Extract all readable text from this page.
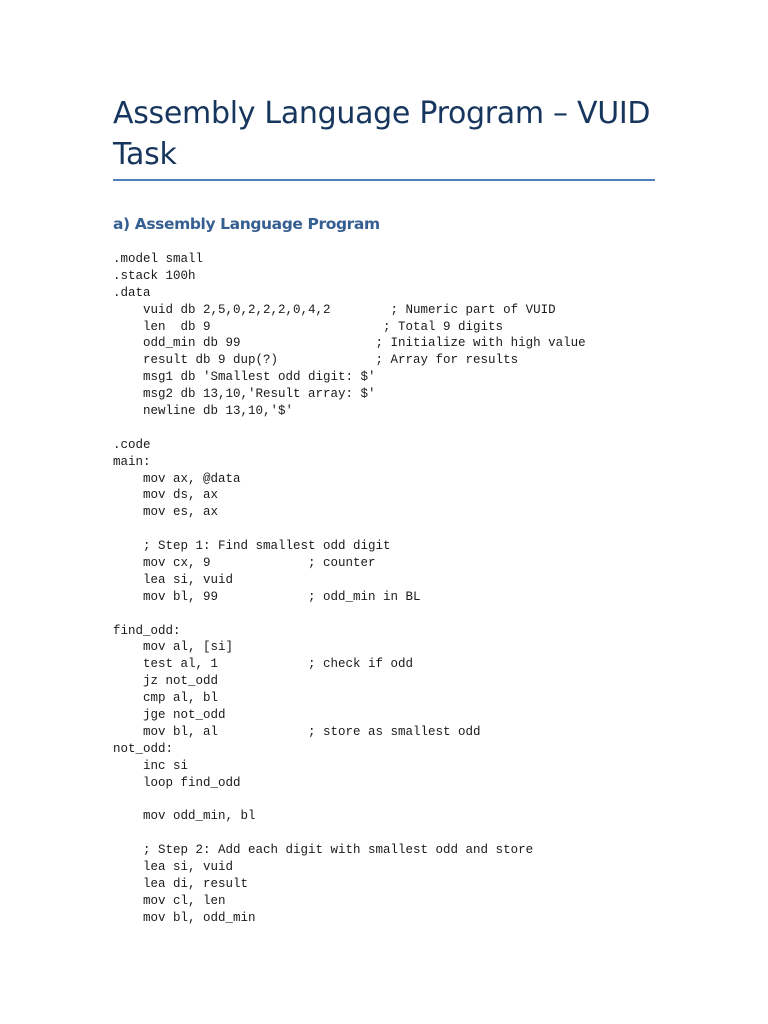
Assembly Language Program – VUID Task
a) Assembly Language Program
.model small
.stack 100h
.data
vuid db 2,5,0,2,2,2,0,4,2        ; Numeric part of VUID
len  db 9                       ; Total 9 digits
odd_min db 99                  ; Initialize with high value
result db 9 dup(?)             ; Array for results
msg1 db 'Smallest odd digit: $'
msg2 db 13,10,'Result array: $'
newline db 13,10,'$'
.code
main:
mov ax, @data
mov ds, ax
mov es, ax
; Step 1: Find smallest odd digit
mov cx, 9             ; counter
lea si, vuid
mov bl, 99            ; odd_min in BL
find_odd:
mov al, [si]
test al, 1            ; check if odd
jz not_odd
cmp al, bl
jge not_odd
mov bl, al            ; store as smallest odd
not_odd:
inc si
loop find_odd
mov odd_min, bl
; Step 2: Add each digit with smallest odd and store
lea si, vuid
lea di, result
mov cl, len
mov bl, odd_min
